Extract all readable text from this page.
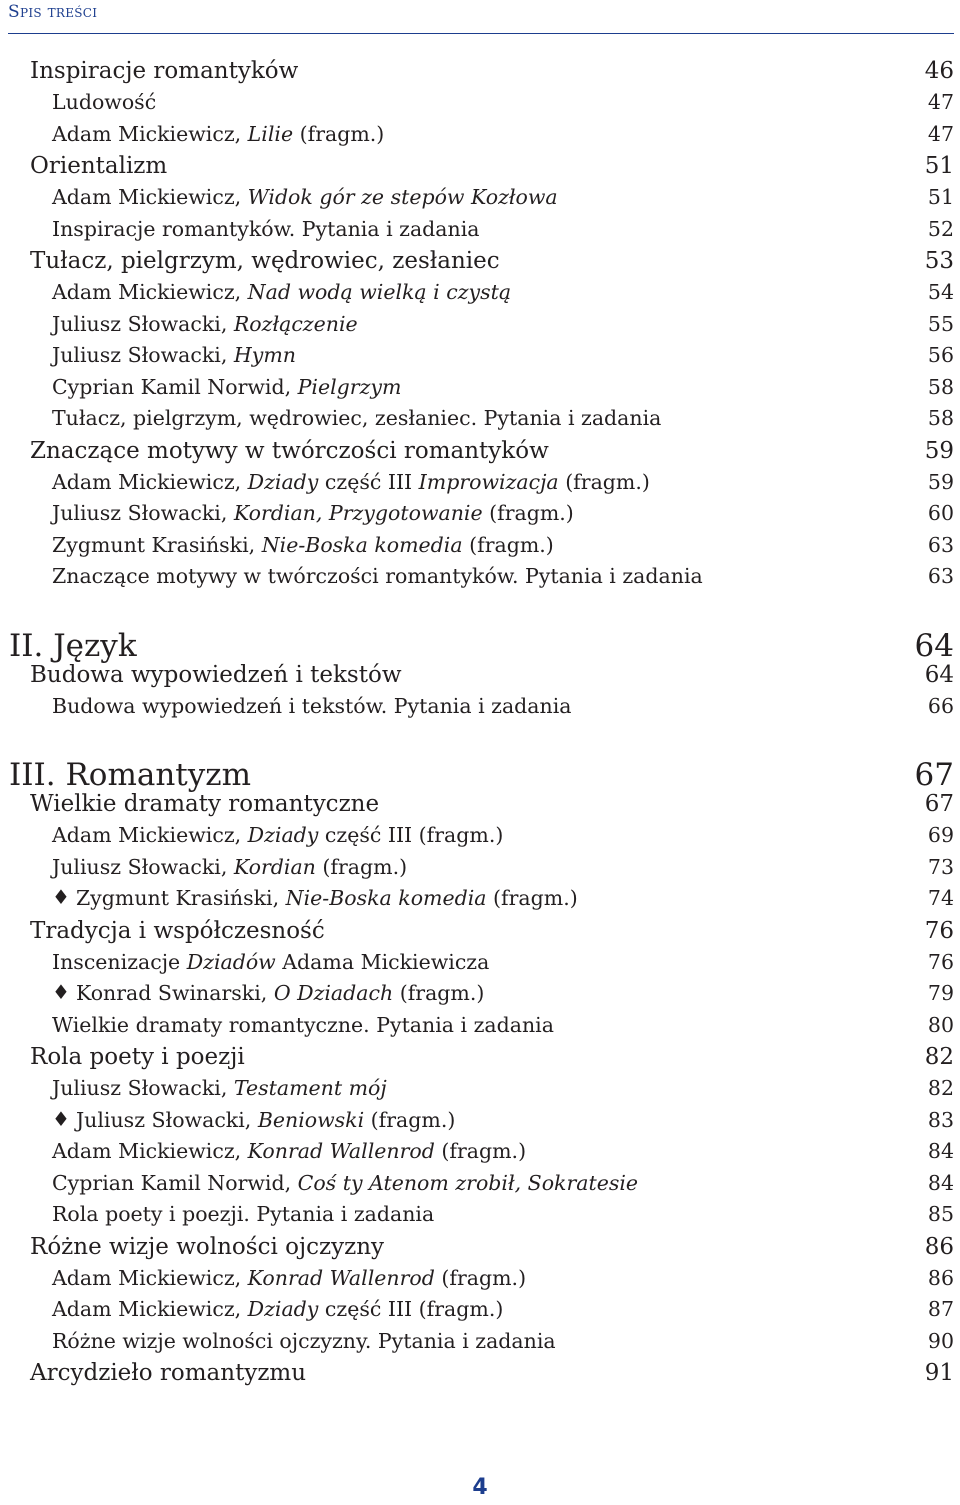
Spis treści
Inspiracje romantyków	46
Ludowość	47
Adam Mickiewicz, Lilie (fragm.)	47
Orientalizm	51
Adam Mickiewicz, Widok gór ze stepów Kozłowa	51
Inspiracje romantyków. Pytania i zadania	52
Tułacz, pielgrzym, wędrowiec, zesłaniec	53
Adam Mickiewicz, Nad wodą wielką i czystą	54
Juliusz Słowacki, Rozłączenie	55
Juliusz Słowacki, Hymn	56
Cyprian Kamil Norwid, Pielgrzym	58
Tułacz, pielgrzym, wędrowiec, zesłaniec. Pytania i zadania	58
Znaczące motywy w twórczości romantyków	59
Adam Mickiewicz, Dziady część III Improwizacja (fragm.)	59
Juliusz Słowacki, Kordian, Przygotowanie (fragm.)	60
Zygmunt Krasiński, Nie-Boska komedia (fragm.)	63
Znaczące motywy w twórczości romantyków. Pytania i zadania	63
II. Język	64
Budowa wypowiedzeń i tekstów	64
Budowa wypowiedzeń i tekstów. Pytania i zadania	66
III. Romantyzm	67
Wielkie dramaty romantyczne	67
Adam Mickiewicz, Dziady część III (fragm.)	69
Juliusz Słowacki, Kordian (fragm.)	73
♦ Zygmunt Krasiński, Nie-Boska komedia (fragm.)	74
Tradycja i współczesność	76
Inscenizacje Dziadów Adama Mickiewicza	76
♦ Konrad Swinarski, O Dziadach (fragm.)	79
Wielkie dramaty romantyczne. Pytania i zadania	80
Rola poety i poezji	82
Juliusz Słowacki, Testament mój	82
♦ Juliusz Słowacki, Beniowski (fragm.)	83
Adam Mickiewicz, Konrad Wallenrod (fragm.)	84
Cyprian Kamil Norwid, Coś ty Atenom zrobił, Sokratesie	84
Rola poety i poezji. Pytania i zadania	85
Różne wizje wolności ojczyzny	86
Adam Mickiewicz, Konrad Wallenrod (fragm.)	86
Adam Mickiewicz, Dziady część III (fragm.)	87
Różne wizje wolności ojczyzny. Pytania i zadania	90
Arcydzieło romantyzmu	91
4
